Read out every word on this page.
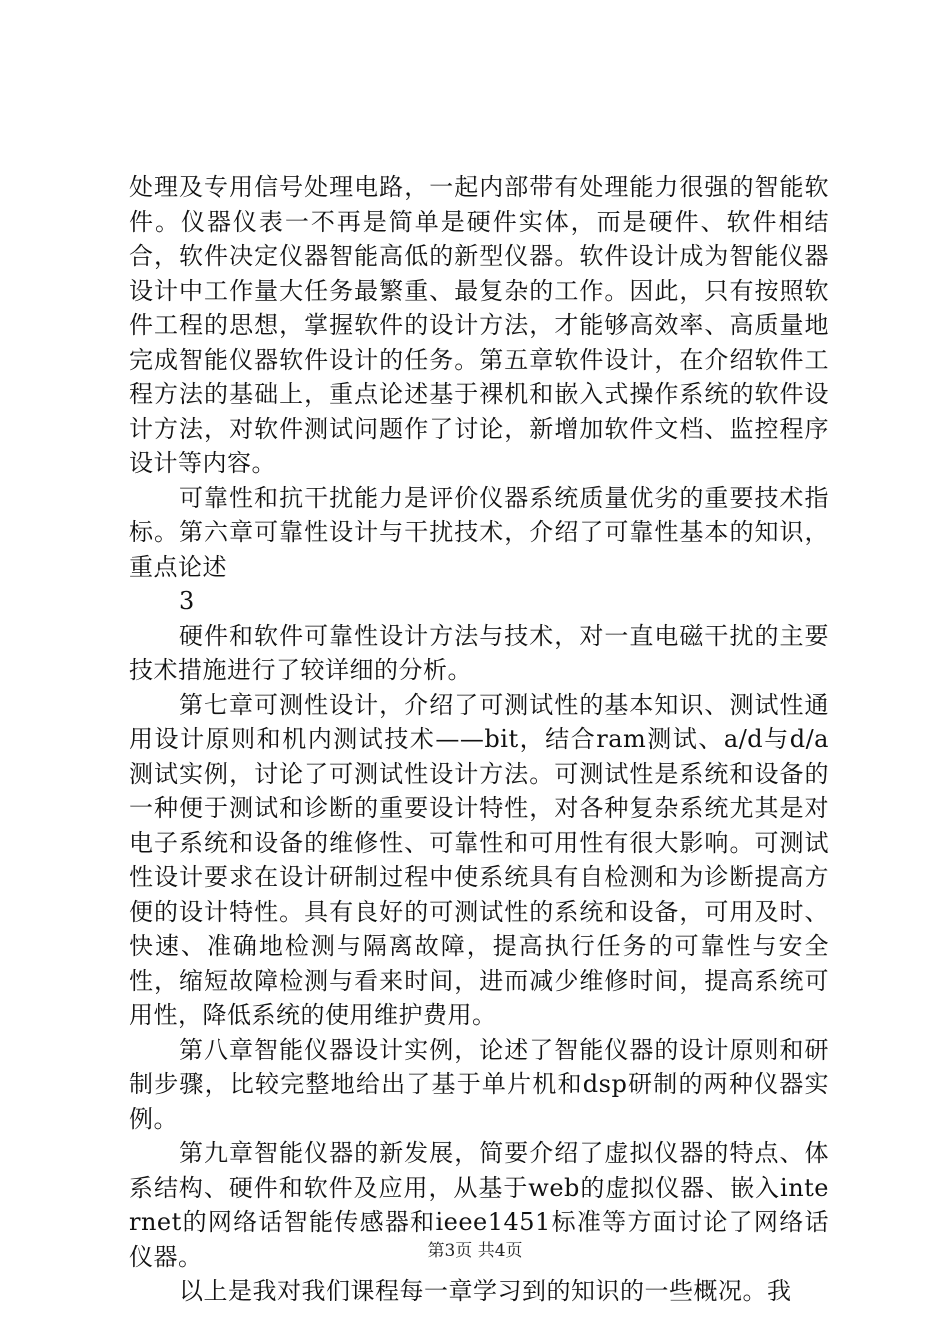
处理及专用信号处理电路，一起内部带有处理能力很强的智能软件。仪器仪表一不再是简单是硬件实体，而是硬件、软件相结合，软件决定仪器智能高低的新型仪器。软件设计成为智能仪器设计中工作量大任务最繁重、最复杂的工作。因此，只有按照软件工程的思想，掌握软件的设计方法，才能够高效率、高质量地完成智能仪器软件设计的任务。第五章软件设计，在介绍软件工程方法的基础上，重点论述基于裸机和嵌入式操作系统的软件设计方法，对软件测试问题作了讨论，新增加软件文档、监控程序设计等内容。

可靠性和抗干扰能力是评价仪器系统质量优劣的重要技术指标。第六章可靠性设计与干扰技术，介绍了可靠性基本的知识，重点论述

3

硬件和软件可靠性设计方法与技术，对一直电磁干扰的主要技术措施进行了较详细的分析。

第七章可测性设计，介绍了可测试性的基本知识、测试性通用设计原则和机内测试技术——bit，结合ram测试、a/d与d/a测试实例，讨论了可测试性设计方法。可测试性是系统和设备的一种便于测试和诊断的重要设计特性，对各种复杂系统尤其是对电子系统和设备的维修性、可靠性和可用性有很大影响。可测试性设计要求在设计研制过程中使系统具有自检测和为诊断提高方便的设计特性。具有良好的可测试性的系统和设备，可用及时、快速、准确地检测与隔离故障，提高执行任务的可靠性与安全性，缩短故障检测与看来时间，进而减少维修时间，提高系统可用性，降低系统的使用维护费用。

第八章智能仪器设计实例，论述了智能仪器的设计原则和研制步骤，比较完整地给出了基于单片机和dsp研制的两种仪器实例。

第九章智能仪器的新发展，简要介绍了虚拟仪器的特点、体系结构、硬件和软件及应用，从基于web的虚拟仪器、嵌入internet的网络话智能传感器和ieee1451标准等方面讨论了网络话仪器。

以上是我对我们课程每一章学习到的知识的一些概况。我

第3页 共4页
